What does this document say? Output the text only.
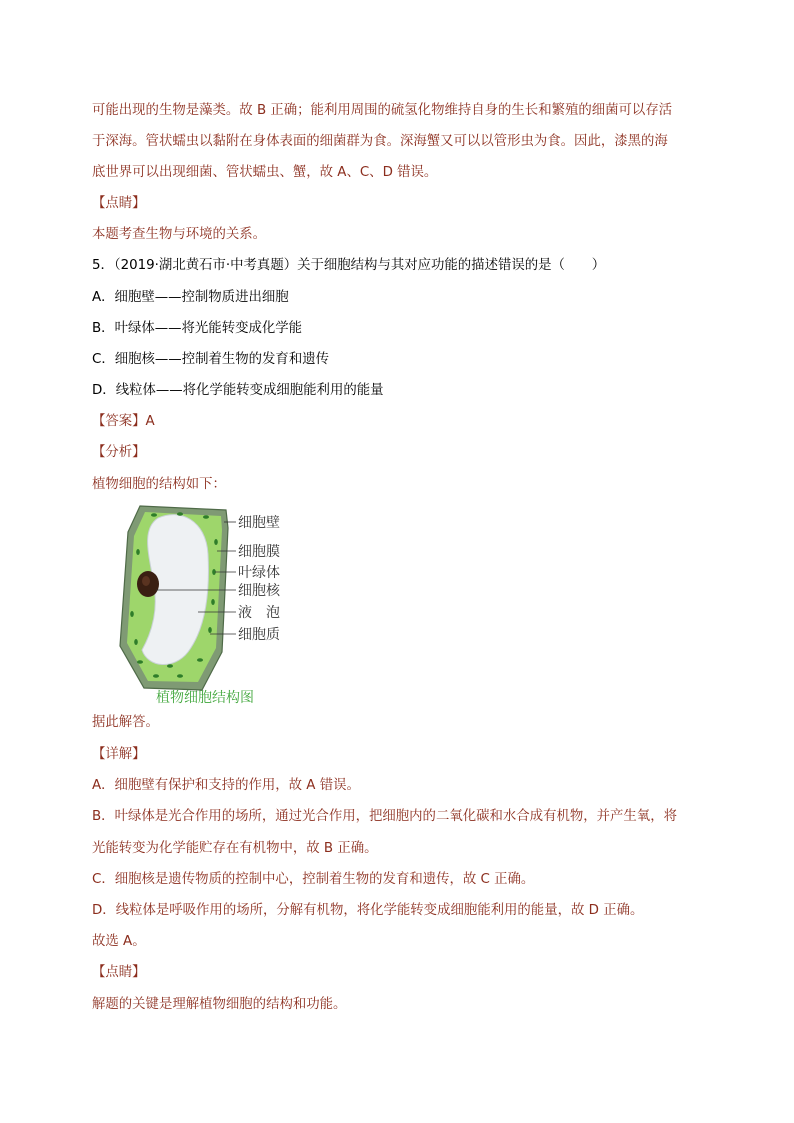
可能出现的生物是藻类。故 B 正确；能利用周围的硫氢化物维持自身的生长和繁殖的细菌可以存活
于深海。管状蠕虫以黏附在身体表面的细菌群为食。深海蟹又可以以管形虫为食。因此，漆黑的海
底世界可以出现细菌、管状蠕虫、蟹，故 A、C、D 错误。
【点睛】
本题考查生物与环境的关系。
5．（2019·湖北黄石市·中考真题）关于细胞结构与其对应功能的描述错误的是（　　）
A．细胞壁——控制物质进出细胞
B．叶绿体——将光能转变成化学能
C．细胞核——控制着生物的发育和遗传
D．线粒体——将化学能转变成细胞能利用的能量
【答案】A
【分析】
植物细胞的结构如下：
细胞壁
细胞膜
叶绿体
细胞核
液　泡
细胞质
植物细胞结构图
据此解答。
【详解】
A．细胞壁有保护和支持的作用，故 A 错误。
B．叶绿体是光合作用的场所，通过光合作用，把细胞内的二氧化碳和水合成有机物，并产生氧，将
光能转变为化学能贮存在有机物中，故 B 正确。
C．细胞核是遗传物质的控制中心，控制着生物的发育和遗传，故 C 正确。
D．线粒体是呼吸作用的场所，分解有机物，将化学能转变成细胞能利用的能量，故 D 正确。
故选 A。
【点睛】
解题的关键是理解植物细胞的结构和功能。
